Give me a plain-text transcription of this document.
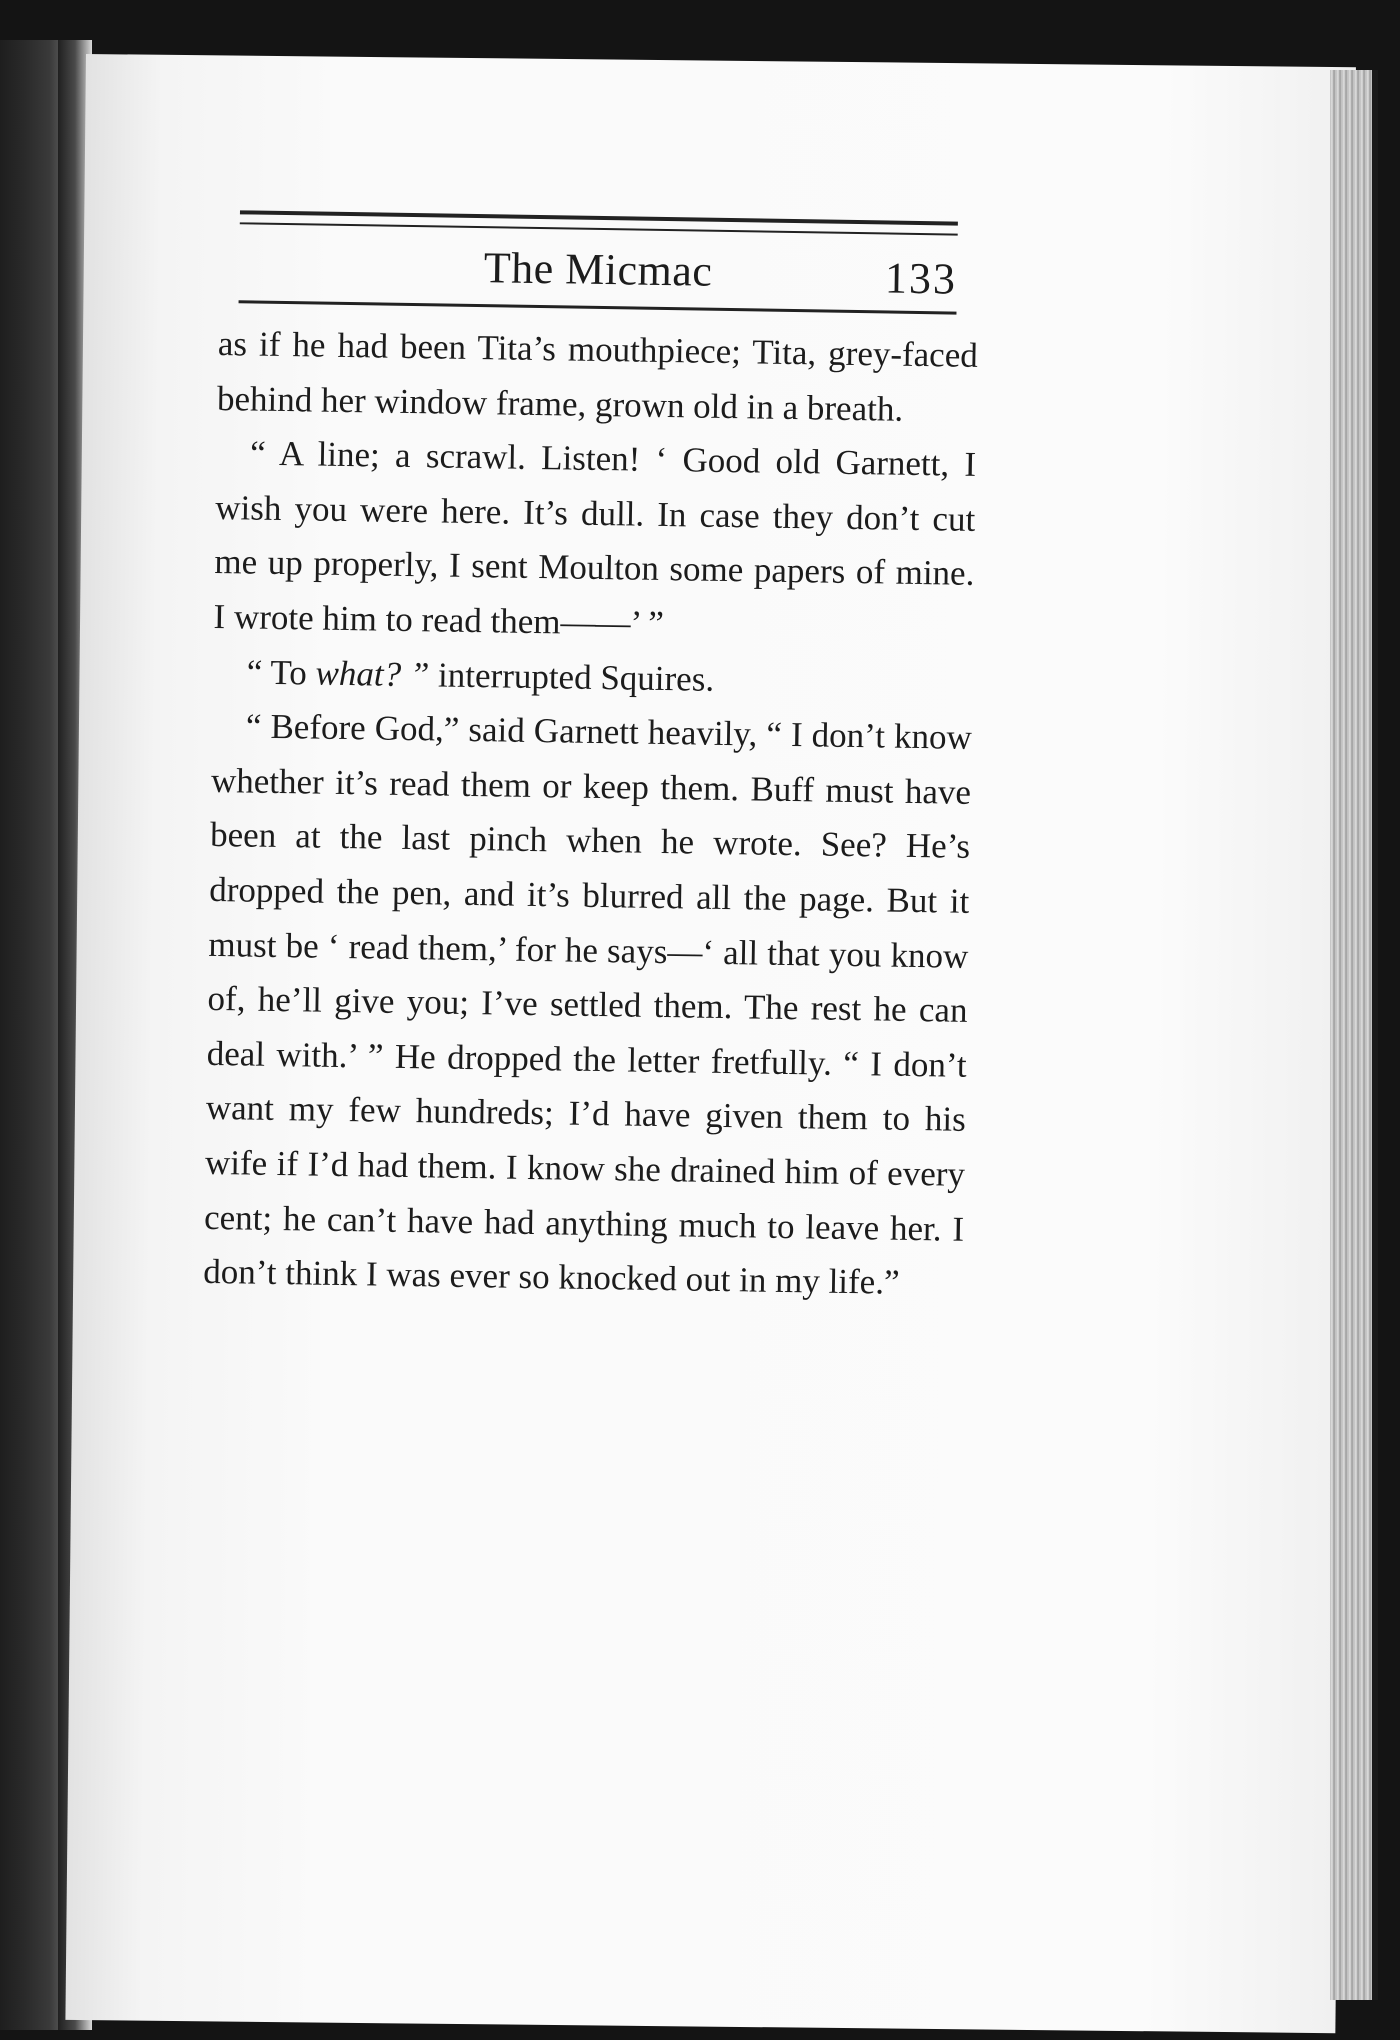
The Micmac	133

as if he had been Tita’s mouthpiece; Tita, grey-faced behind her window frame, grown old in a breath.

“ A line; a scrawl. Listen! ‘ Good old Garnett, I wish you were here. It’s dull. In case they don’t cut me up properly, I sent Moulton some papers of mine. I wrote him to read them——’ ”

“ To what? ” interrupted Squires.

“ Before God,” said Garnett heavily, “ I don’t know whether it’s read them or keep them. Buff must have been at the last pinch when he wrote. See? He’s dropped the pen, and it’s blurred all the page. But it must be ‘ read them,’ for he says—‘ all that you know of, he’ll give you; I’ve settled them. The rest he can deal with.’ ” He dropped the letter fretfully. “ I don’t want my few hundreds; I’d have given them to his wife if I’d had them. I know she drained him of every cent; he can’t have had anything much to leave her. I don’t think I was ever so knocked out in my life.”
